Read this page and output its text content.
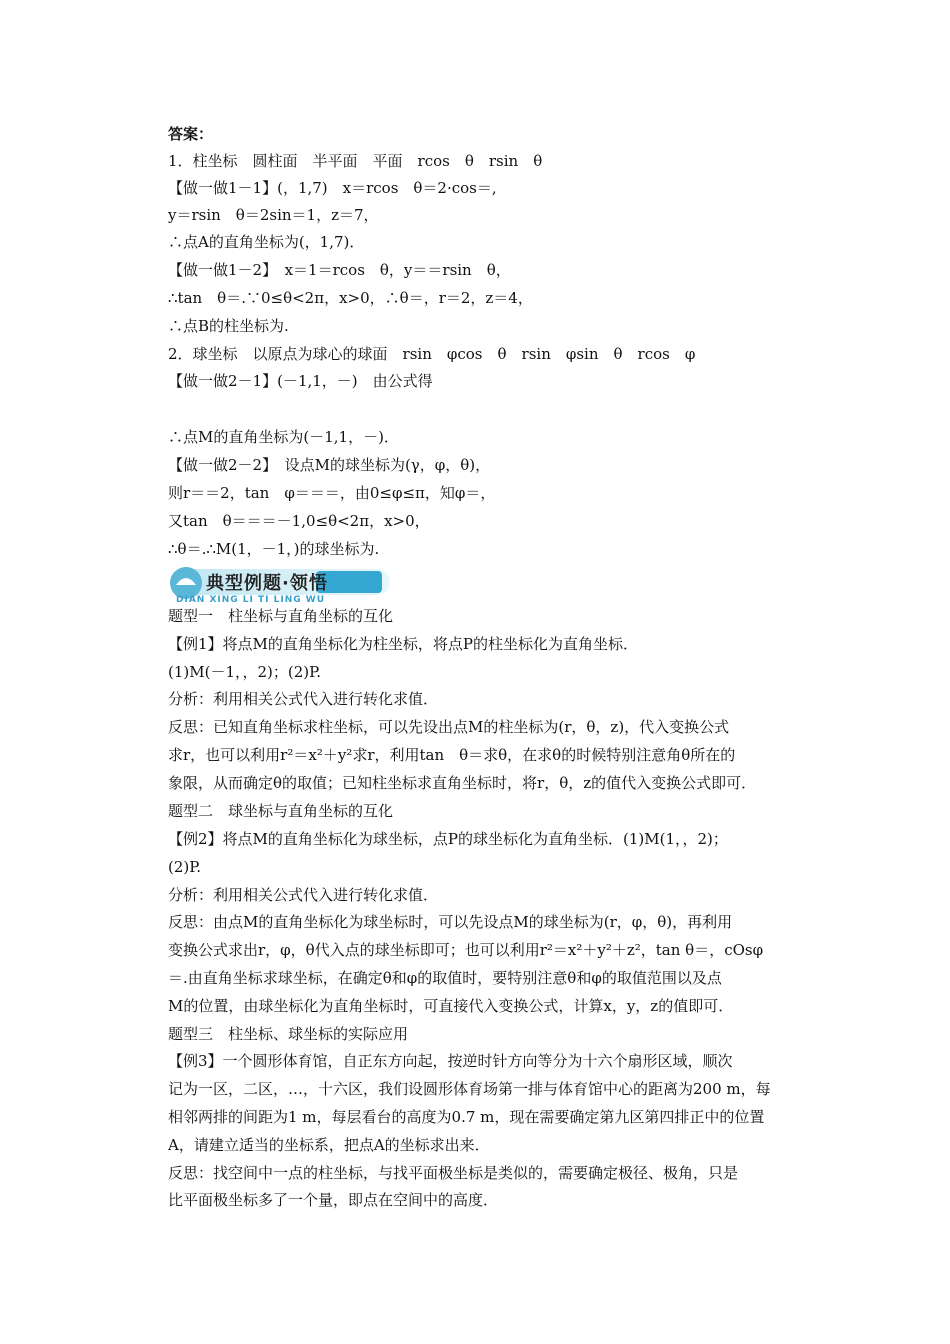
答案：
1．柱坐标　圆柱面　半平面　平面　rcos　θ　rsin　θ
【做一做1－1】(，1,7)　x＝rcos　θ＝2·cos＝,
y＝rsin　θ＝2sin＝1，z＝7，
∴点A的直角坐标为(，1,7)．
【做一做1－2】　x＝1＝rcos　θ，y＝＝rsin　θ，
∴tan　θ＝.∵0≤θ<2π，x>0，∴θ＝，r＝2，z＝4，
∴点B的柱坐标为.
2．球坐标　以原点为球心的球面　rsin　φcos　θ　rsin　φsin　θ　rcos　φ
【做一做2－1】(－1,1，－)　由公式得
∴点M的直角坐标为(－1,1，－)．
【做一做2－2】　设点M的球坐标为(γ，φ，θ)，
则r＝＝2，tan　φ＝＝＝，由0≤φ≤π，知φ＝，
又tan　θ＝＝＝－1,0≤θ<2π，x>0，
∴θ＝.∴M(1，－1，)的球坐标为.
典型例题·领悟
DIAN XING LI TI LING WU
题型一　柱坐标与直角坐标的互化
【例1】将点M的直角坐标化为柱坐标，将点P的柱坐标化为直角坐标．
(1)M(－1，，2)；(2)P.
分析：利用相关公式代入进行转化求值．
反思：已知直角坐标求柱坐标，可以先设出点M的柱坐标为(r，θ，z)，代入变换公式
求r，也可以利用r²＝x²＋y²求r，利用tan　θ＝求θ，在求θ的时候特别注意角θ所在的
象限，从而确定θ的取值；已知柱坐标求直角坐标时，将r，θ，z的值代入变换公式即可．
题型二　球坐标与直角坐标的互化
【例2】将点M的直角坐标化为球坐标，点P的球坐标化为直角坐标．(1)M(1，，2)；
(2)P.
分析：利用相关公式代入进行转化求值．
反思：由点M的直角坐标化为球坐标时，可以先设点M的球坐标为(r，φ，θ)，再利用
变换公式求出r，φ，θ代入点的球坐标即可；也可以利用r²＝x²＋y²＋z²，tan θ＝，cOsφ
＝.由直角坐标求球坐标，在确定θ和φ的取值时，要特别注意θ和φ的取值范围以及点
M的位置，由球坐标化为直角坐标时，可直接代入变换公式，计算x，y，z的值即可．
题型三　柱坐标、球坐标的实际应用
【例3】一个圆形体育馆，自正东方向起，按逆时针方向等分为十六个扇形区域，顺次
记为一区，二区，…，十六区，我们设圆形体育场第一排与体育馆中心的距离为200 m，每
相邻两排的间距为1 m，每层看台的高度为0.7 m，现在需要确定第九区第四排正中的位置
A，请建立适当的坐标系，把点A的坐标求出来．
反思：找空间中一点的柱坐标，与找平面极坐标是类似的，需要确定极径、极角，只是
比平面极坐标多了一个量，即点在空间中的高度．
